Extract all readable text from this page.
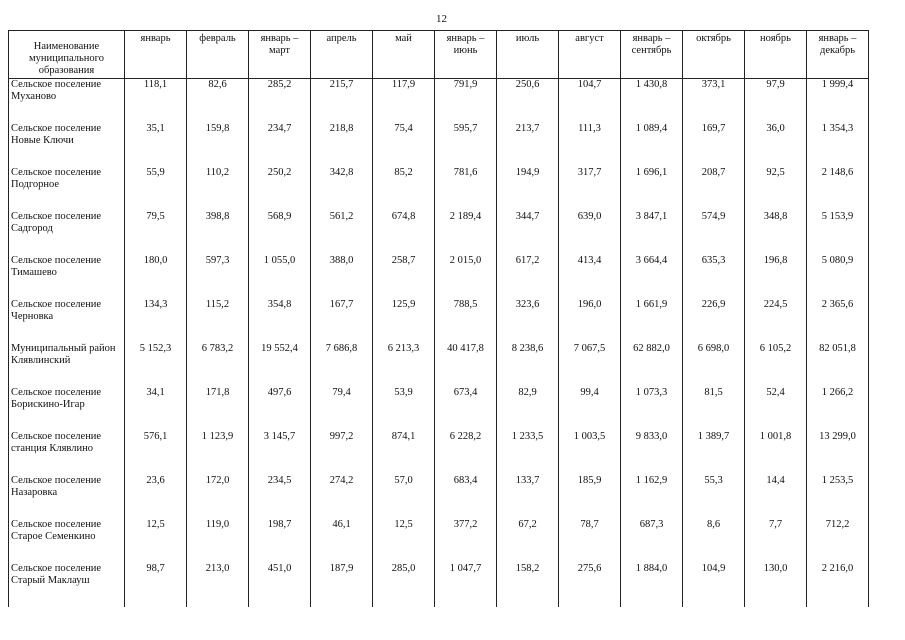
12
Наименование муниципального образования	январь	февраль	январь – март	апрель	май	январь – июнь	июль	август	январь – сентябрь	октябрь	ноябрь	январь – декабрь
Сельское поселение Муханово	118,1	82,6	285,2	215,7	117,9	791,9	250,6	104,7	1 430,8	373,1	97,9	1 999,4
Сельское поселение Новые Ключи	35,1	159,8	234,7	218,8	75,4	595,7	213,7	111,3	1 089,4	169,7	36,0	1 354,3
Сельское поселение Подгорное	55,9	110,2	250,2	342,8	85,2	781,6	194,9	317,7	1 696,1	208,7	92,5	2 148,6
Сельское поселение Садгород	79,5	398,8	568,9	561,2	674,8	2 189,4	344,7	639,0	3 847,1	574,9	348,8	5 153,9
Сельское поселение Тимашево	180,0	597,3	1 055,0	388,0	258,7	2 015,0	617,2	413,4	3 664,4	635,3	196,8	5 080,9
Сельское поселение Черновка	134,3	115,2	354,8	167,7	125,9	788,5	323,6	196,0	1 661,9	226,9	224,5	2 365,6
Муниципальный район Клявлинский	5 152,3	6 783,2	19 552,4	7 686,8	6 213,3	40 417,8	8 238,6	7 067,5	62 882,0	6 698,0	6 105,2	82 051,8
Сельское поселение Борискино-Игар	34,1	171,8	497,6	79,4	53,9	673,4	82,9	99,4	1 073,3	81,5	52,4	1 266,2
Сельское поселение станция Клявлино	576,1	1 123,9	3 145,7	997,2	874,1	6 228,2	1 233,5	1 003,5	9 833,0	1 389,7	1 001,8	13 299,0
Сельское поселение Назаровка	23,6	172,0	234,5	274,2	57,0	683,4	133,7	185,9	1 162,9	55,3	14,4	1 253,5
Сельское поселение Старое Семенкино	12,5	119,0	198,7	46,1	12,5	377,2	67,2	78,7	687,3	8,6	7,7	712,2
Сельское поселение Старый Маклауш	98,7	213,0	451,0	187,9	285,0	1 047,7	158,2	275,6	1 884,0	104,9	130,0	2 216,0
